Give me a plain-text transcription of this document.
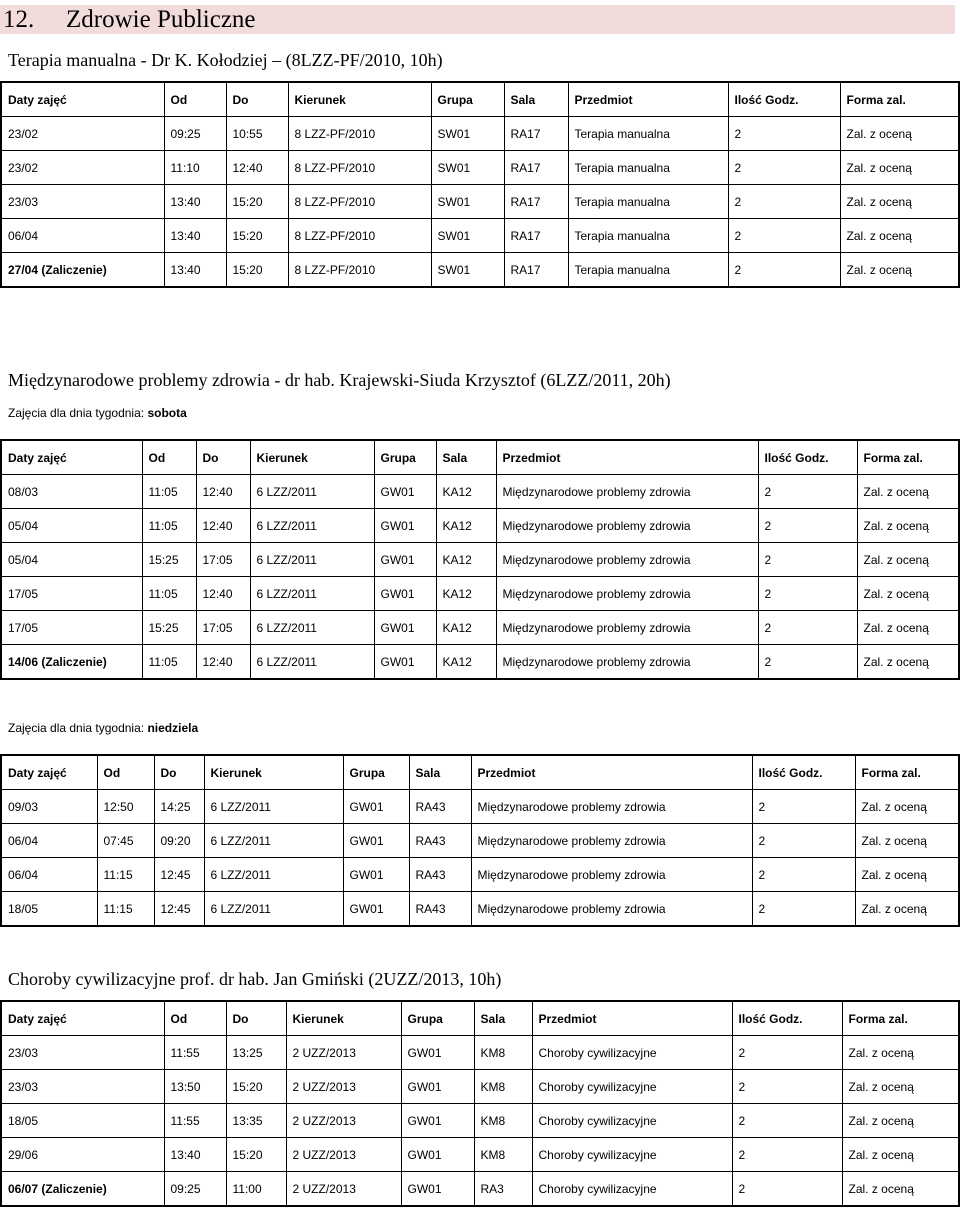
12. Zdrowie Publiczne
Terapia manualna - Dr K. Kołodziej – (8LZZ-PF/2010, 10h)
Daty zajęć	Od	Do	Kierunek	Grupa	Sala	Przedmiot	Ilość Godz.	Forma zal.
23/02	09:25	10:55	8 LZZ-PF/2010	SW01	RA17	Terapia manualna	2	Zal. z oceną
23/02	11:10	12:40	8 LZZ-PF/2010	SW01	RA17	Terapia manualna	2	Zal. z oceną
23/03	13:40	15:20	8 LZZ-PF/2010	SW01	RA17	Terapia manualna	2	Zal. z oceną
06/04	13:40	15:20	8 LZZ-PF/2010	SW01	RA17	Terapia manualna	2	Zal. z oceną
27/04 (Zaliczenie)	13:40	15:20	8 LZZ-PF/2010	SW01	RA17	Terapia manualna	2	Zal. z oceną
Międzynarodowe problemy zdrowia - dr hab. Krajewski-Siuda Krzysztof (6LZZ/2011, 20h)
Zajęcia dla dnia tygodnia: sobota
Daty zajęć	Od	Do	Kierunek	Grupa	Sala	Przedmiot	Ilość Godz.	Forma zal.
08/03	11:05	12:40	6 LZZ/2011	GW01	KA12	Międzynarodowe problemy zdrowia	2	Zal. z oceną
05/04	11:05	12:40	6 LZZ/2011	GW01	KA12	Międzynarodowe problemy zdrowia	2	Zal. z oceną
05/04	15:25	17:05	6 LZZ/2011	GW01	KA12	Międzynarodowe problemy zdrowia	2	Zal. z oceną
17/05	11:05	12:40	6 LZZ/2011	GW01	KA12	Międzynarodowe problemy zdrowia	2	Zal. z oceną
17/05	15:25	17:05	6 LZZ/2011	GW01	KA12	Międzynarodowe problemy zdrowia	2	Zal. z oceną
14/06 (Zaliczenie)	11:05	12:40	6 LZZ/2011	GW01	KA12	Międzynarodowe problemy zdrowia	2	Zal. z oceną
Zajęcia dla dnia tygodnia: niedziela
Daty zajęć	Od	Do	Kierunek	Grupa	Sala	Przedmiot	Ilość Godz.	Forma zal.
09/03	12:50	14:25	6 LZZ/2011	GW01	RA43	Międzynarodowe problemy zdrowia	2	Zal. z oceną
06/04	07:45	09:20	6 LZZ/2011	GW01	RA43	Międzynarodowe problemy zdrowia	2	Zal. z oceną
06/04	11:15	12:45	6 LZZ/2011	GW01	RA43	Międzynarodowe problemy zdrowia	2	Zal. z oceną
18/05	11:15	12:45	6 LZZ/2011	GW01	RA43	Międzynarodowe problemy zdrowia	2	Zal. z oceną
Choroby cywilizacyjne prof. dr hab. Jan Gmiński (2UZZ/2013, 10h)
Daty zajęć	Od	Do	Kierunek	Grupa	Sala	Przedmiot	Ilość Godz.	Forma zal.
23/03	11:55	13:25	2 UZZ/2013	GW01	KM8	Choroby cywilizacyjne	2	Zal. z oceną
23/03	13:50	15:20	2 UZZ/2013	GW01	KM8	Choroby cywilizacyjne	2	Zal. z oceną
18/05	11:55	13:35	2 UZZ/2013	GW01	KM8	Choroby cywilizacyjne	2	Zal. z oceną
29/06	13:40	15:20	2 UZZ/2013	GW01	KM8	Choroby cywilizacyjne	2	Zal. z oceną
06/07 (Zaliczenie)	09:25	11:00	2 UZZ/2013	GW01	RA3	Choroby cywilizacyjne	2	Zal. z oceną
